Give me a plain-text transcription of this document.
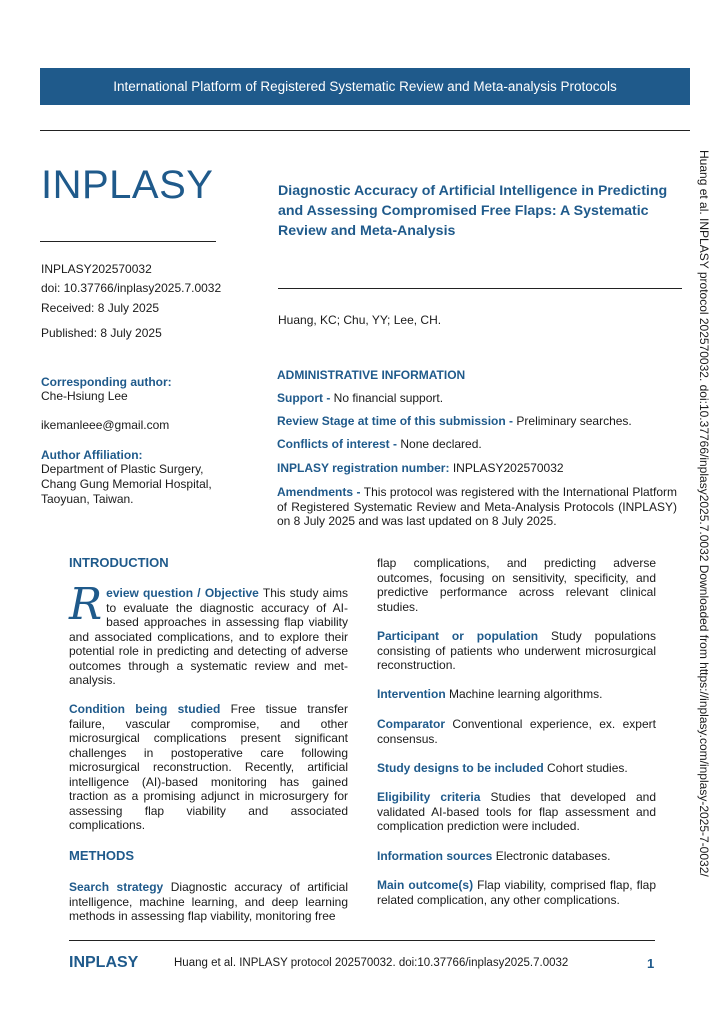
International Platform of Registered Systematic Review and Meta-analysis Protocols
INPLASY
INPLASY202570032
doi: 10.37766/inplasy2025.7.0032
Received: 8 July 2025
Published: 8 July 2025
Diagnostic Accuracy of Artificial Intelligence in Predicting and Assessing Compromised Free Flaps: A Systematic Review and Meta-Analysis
Huang, KC; Chu, YY; Lee, CH.
Corresponding author:
Che-Hsiung Lee
ikemanleee@gmail.com
Author Affiliation:
Department of Plastic Surgery,
Chang Gung Memorial Hospital,
Taoyuan, Taiwan.
ADMINISTRATIVE INFORMATION
Support - No financial support.
Review Stage at time of this submission - Preliminary searches.
Conflicts of interest - None declared.
INPLASY registration number: INPLASY202570032
Amendments - This protocol was registered with the International Platform of Registered Systematic Review and Meta-Analysis Protocols (INPLASY) on 8 July 2025 and was last updated on 8 July 2025.
INTRODUCTION
Review question / Objective This study aims to evaluate the diagnostic accuracy of AI-based approaches in assessing flap viability and associated complications, and to explore their potential role in predicting and detecting of adverse outcomes through a systematic review and met-analysis.
Condition being studied Free tissue transfer failure, vascular compromise, and other microsurgical complications present significant challenges in postoperative care following microsurgical reconstruction. Recently, artificial intelligence (AI)-based monitoring has gained traction as a promising adjunct in microsurgery for assessing flap viability and associated complications.
METHODS
Search strategy Diagnostic accuracy of artificial intelligence, machine learning, and deep learning methods in assessing flap viability, monitoring free
flap complications, and predicting adverse outcomes, focusing on sensitivity, specificity, and predictive performance across relevant clinical studies.
Participant or population Study populations consisting of patients who underwent microsurgical reconstruction.
Intervention Machine learning algorithms.
Comparator Conventional experience, ex. expert consensus.
Study designs to be included Cohort studies.
Eligibility criteria Studies that developed and validated AI-based tools for flap assessment and complication prediction were included.
Information sources Electronic databases.
Main outcome(s) Flap viability, comprised flap, flap related complication, any other complications.
Huang et al. INPLASY protocol 202570032. doi:10.37766/inplasy2025.7.0032 Downloaded from https://inplasy.com/inplasy-2025-7-0032/
INPLASY	Huang et al. INPLASY protocol 202570032. doi:10.37766/inplasy2025.7.0032	1
